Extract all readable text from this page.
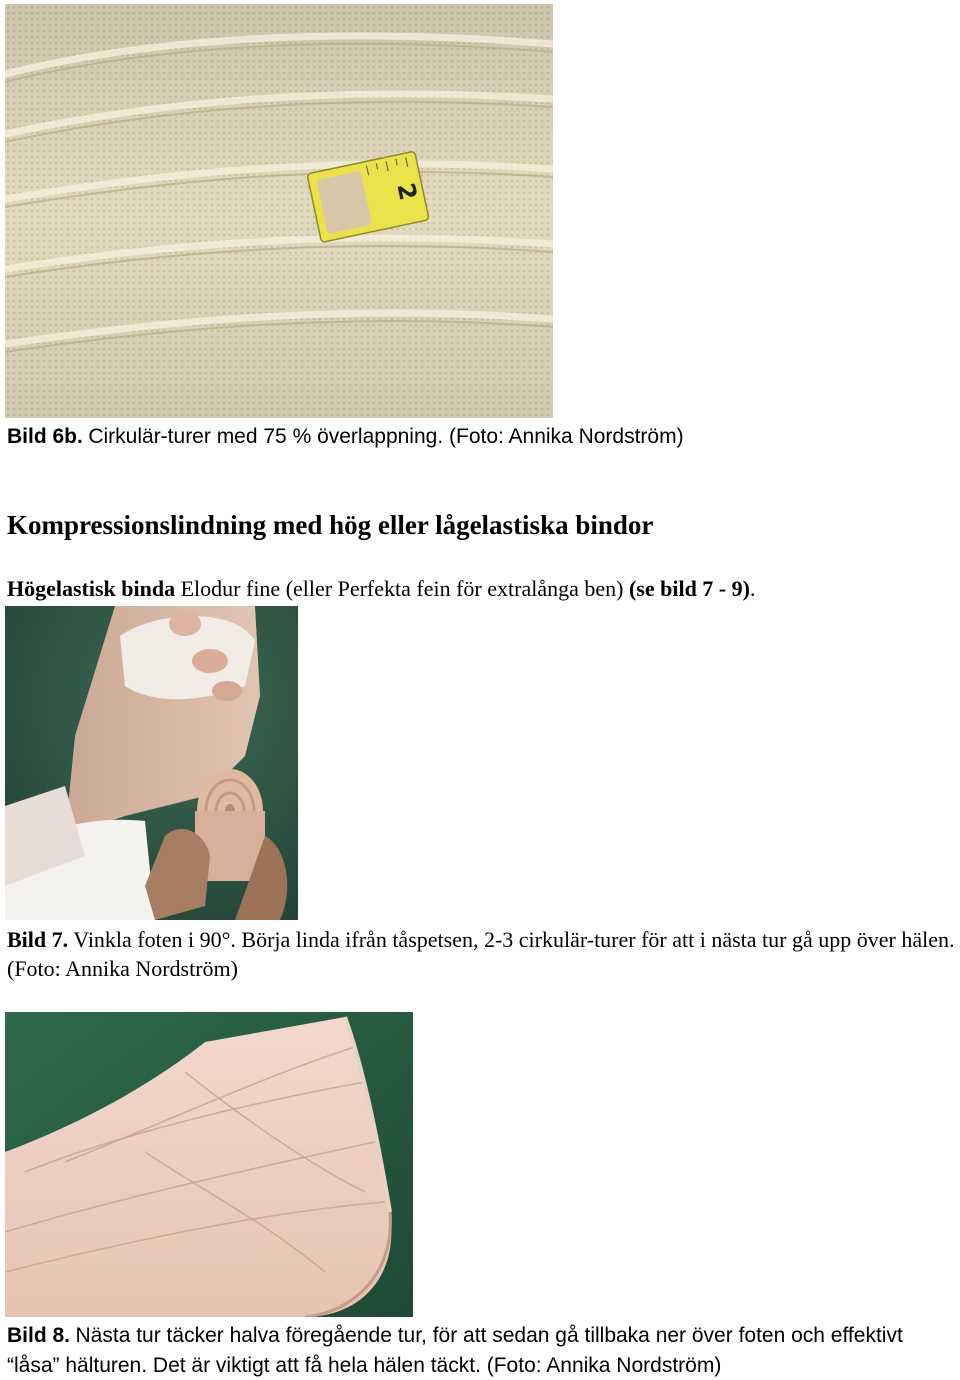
2

Bild 6b. Cirkulär-turer med 75 % överlappning. (Foto: Annika Nordström)

Kompressionslindning med hög eller lågelastiska bindor

Högelastisk binda Elodur fine (eller Perfekta fein för extralånga ben) (se bild 7 - 9).

Bild 7. Vinkla foten i 90°. Börja linda ifrån tåspetsen, 2-3 cirkulär-turer för att i nästa tur gå upp över hälen. (Foto: Annika Nordström)

Bild 8. Nästa tur täcker halva föregående tur, för att sedan gå tillbaka ner över foten och effektivt “låsa” hälturen. Det är viktigt att få hela hälen täckt. (Foto: Annika Nordström)
